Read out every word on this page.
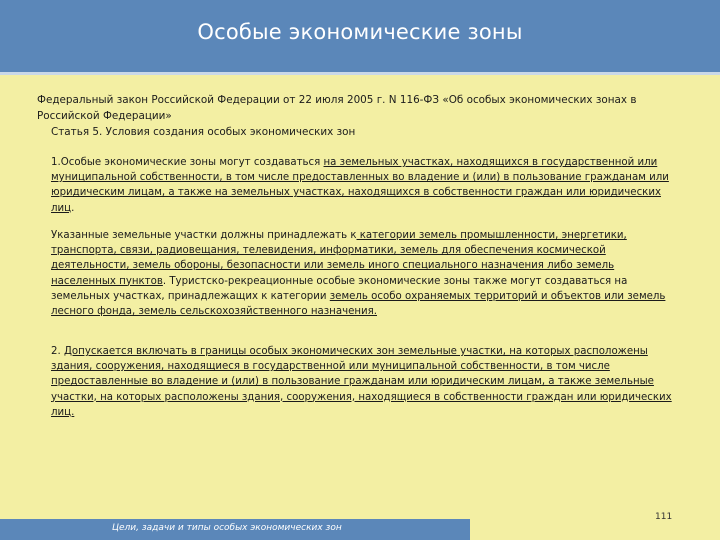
Особые экономические зоны
Федеральный закон Российской Федерации от 22 июля 2005 г. N 116-ФЗ «Об особых экономических зонах в Российской Федерации»
Статья 5. Условия создания особых экономических зон
1.Особые экономические зоны могут создаваться на земельных участках, находящихся в государственной или муниципальной собственности, в том числе предоставленных во владение и (или) в пользование гражданам или юридическим лицам, а также на земельных участках, находящихся в собственности граждан или юридических лиц.
Указанные земельные участки должны принадлежать к категории земель промышленности, энергетики, транспорта, связи, радиовещания, телевидения, информатики, земель для обеспечения космической деятельности, земель обороны, безопасности или земель иного специального назначения либо земель населенных пунктов. Туристско-рекреационные особые экономические зоны также могут создаваться на земельных участках, принадлежащих к категории земель особо охраняемых территорий и объектов или земель лесного фонда, земель сельскохозяйственного назначения.
2. Допускается включать в границы особых экономических зон земельные участки, на которых расположены здания, сооружения, находящиеся в государственной или муниципальной собственности, в том числе предоставленные во владение и (или) в пользование гражданам или юридическим лицам, а также земельные участки, на которых расположены здания, сооружения, находящиеся в собственности граждан или юридических лиц.
111
Цели, задачи и типы особых экономических зон
